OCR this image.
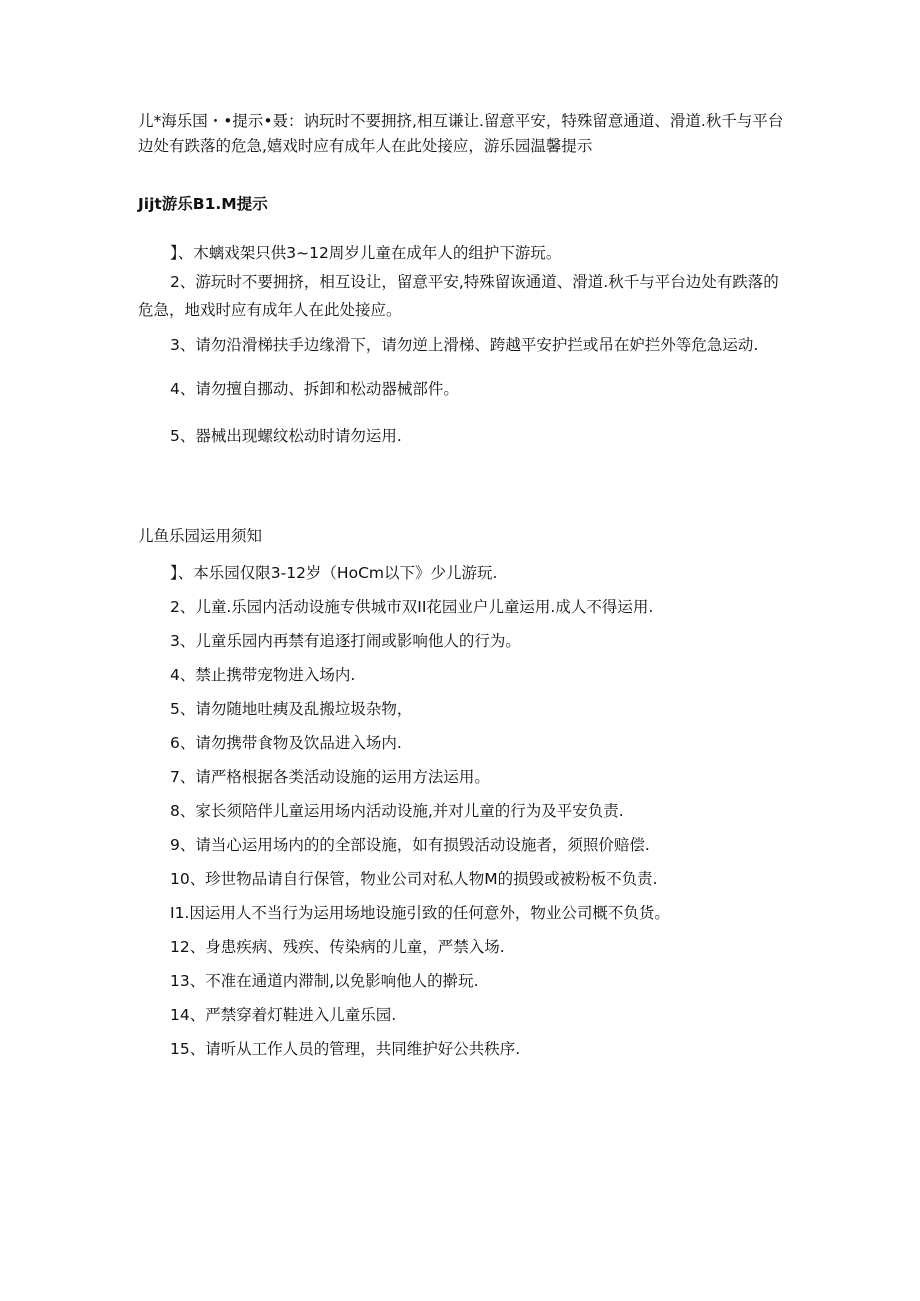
儿*海乐国・•提示•聂：讷玩时不要拥挤,相互谦让.留意平安，特殊留意通道、滑道.秋千与平台

边处有跌落的危急,嬉戏时应有成年人在此处接应，游乐园温馨提示

Jijt游乐B1.M提示
】、木螭戏架只供3~12周岁儿童在成年人的组护下游玩。
2、游玩时不要拥挤，相互设让，留意平安,特殊留诙通道、滑道.秋千与平台边处有跌落的
危急，地戏时应有成年人在此处接应。
3、请勿沿滑梯扶手边缘滑下，请勿逆上滑梯、跨越平安护拦或吊在妒拦外等危急运动.
4、请勿擅自挪动、拆卸和松动器械部件。
5、器械出现螺纹松动时请勿运用.
儿鱼乐园运用须知
】、本乐园仅限3-12岁（HoCm以下》少儿游玩.
2、儿童.乐园内活动设施专供城市双II花园业户儿童运用.成人不得运用.
3、儿童乐园内再禁有追逐打闹或影响他人的行为。
4、禁止携带宠物进入场内.
5、请勿随地吐痍及乱搬垃圾杂物，
6、请勿携带食物及饮品进入场内.
7、请严格根据各类活动设施的运用方法运用。
8、家长须陪伴儿童运用场内活动设施,并对儿童的行为及平安负责.
9、请当心运用场内的的全部设施，如有损毁活动设施者，须照价赔偿.
10、珍世物品请自行保管，物业公司对私人物M的损毁或被粉板不负责.
I1.因运用人不当行为运用场地设施引致的任何意外，物业公司概不负货。
12、身患疾病、残疾、传染病的儿童，严禁入场.
13、不准在通道内滞制,以免影响他人的擀玩.
14、严禁穿着灯鞋进入儿童乐园.
15、请听从工作人员的管理，共同维护好公共秩序.
